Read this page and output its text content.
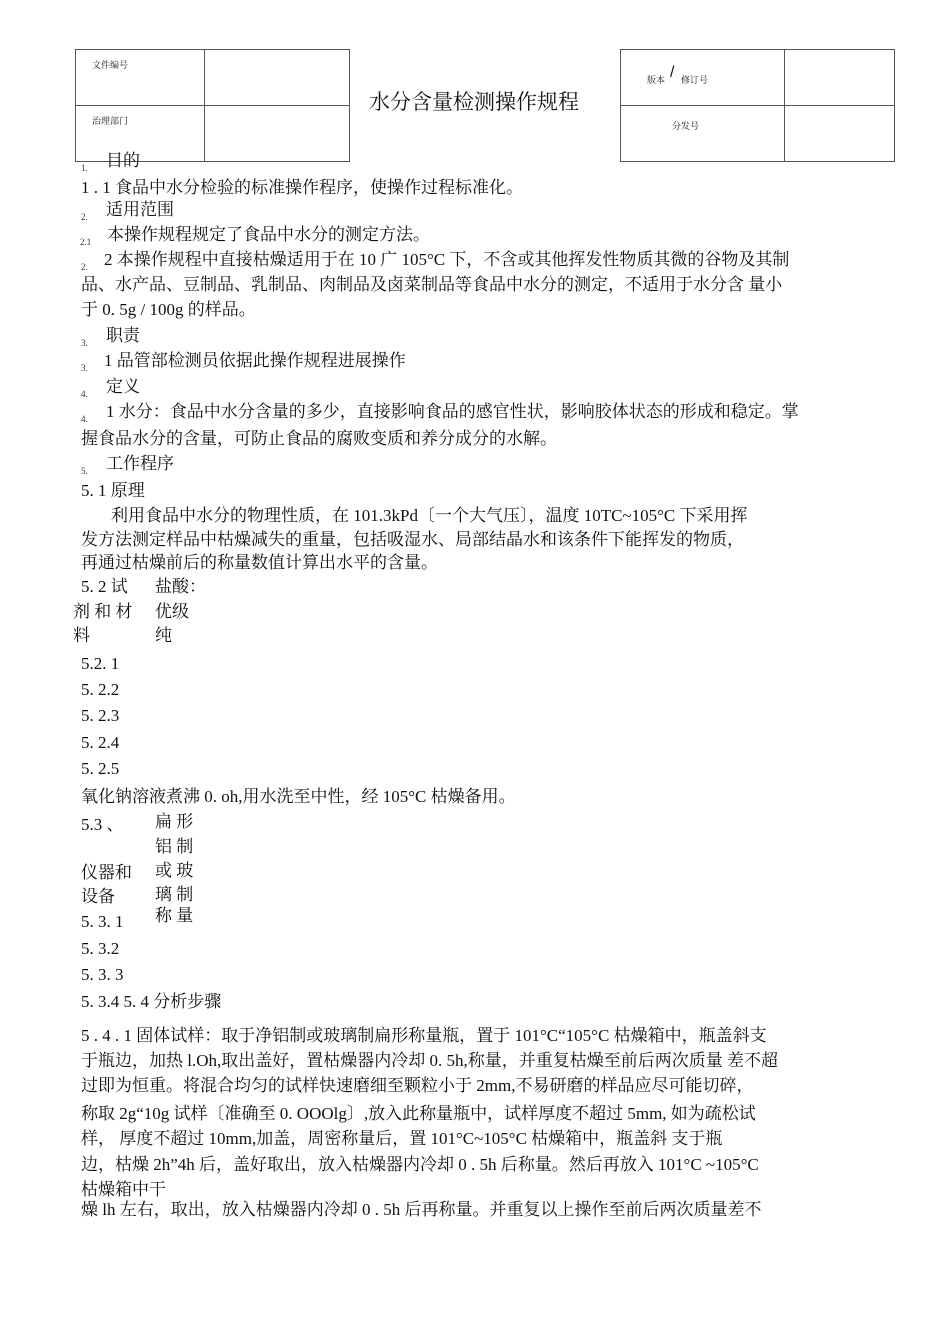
文件编号
治理部门
水分含量检测操作规程
版本 / 修订号
分发号
1. 目的
1 . 1 食品中水分检验的标准操作程序，使操作过程标准化。
2. 适用范围
2.1 本操作规程规定了食品中水分的测定方法。
2. 2 本操作规程中直接枯燥适用于在 10 广 105°C 下，不含或其他挥发性物质其微的谷物及其制
品、水产品、豆制品、乳制品、肉制品及卤菜制品等食品中水分的测定，不适用于水分含 量小
于 0. 5g / 100g 的样品。
3. 职责
3. 1 品管部检测员依据此操作规程进展操作
4. 定义
4. 1 水分：食品中水分含量的多少，直接影响食品的感官性状，影响胶体状态的形成和稳定。掌
握食品水分的含量，可防止食品的腐败变质和养分成分的水解。
5. 工作程序
5. 1 原理
利用食品中水分的物理性质，在 101.3kPd〔一个大气压〕，温度 10TC~105°C 下采用挥
发方法测定样品中枯燥减失的重量，包括吸湿水、局部结晶水和该条件下能挥发的物质，
再通过枯燥前后的称量数值计算出水平的含量。
5. 2 试
剂 和 材
料
盐酸：
优级
纯
5.2. 1
5. 2.2
5. 2.3
5. 2.4
5. 2.5
氧化钠溶液煮沸 0. oh,用水洗至中性，经 105°C 枯燥备用。
5.3 、
仪器和
设备
扁 形
铝 制
或 玻
璃 制
称 量
5. 3. 1
5. 3.2
5. 3. 3
5. 3.4 5. 4 分析步骤
5 . 4 . 1 固体试样：取于净铝制或玻璃制扁形称量瓶，置于 101°C“105°C 枯燥箱中，瓶盖斜支
于瓶边，加热 l.Oh,取出盖好，置枯燥器内冷却 0. 5h,称量，并重复枯燥至前后两次质量 差不超
过即为恒重。将混合均匀的试样快速磨细至颗粒小于 2mm,不易研磨的样品应尽可能切碎，
称取 2g“10g 试样〔准确至 0. OOOlg〕,放入此称量瓶中，试样厚度不超过 5mm, 如为疏松试
样， 厚度不超过 10mm,加盖，周密称量后，置 101°C~105°C 枯燥箱中，瓶盖斜 支于瓶
边，枯燥 2h”4h 后，盖好取出，放入枯燥器内冷却 0 . 5h 后称量。然后再放入 101°C ~105°C
枯燥箱中干
燥 lh 左右，取出，放入枯燥器内冷却 0 . 5h 后再称量。并重复以上操作至前后两次质量差不
